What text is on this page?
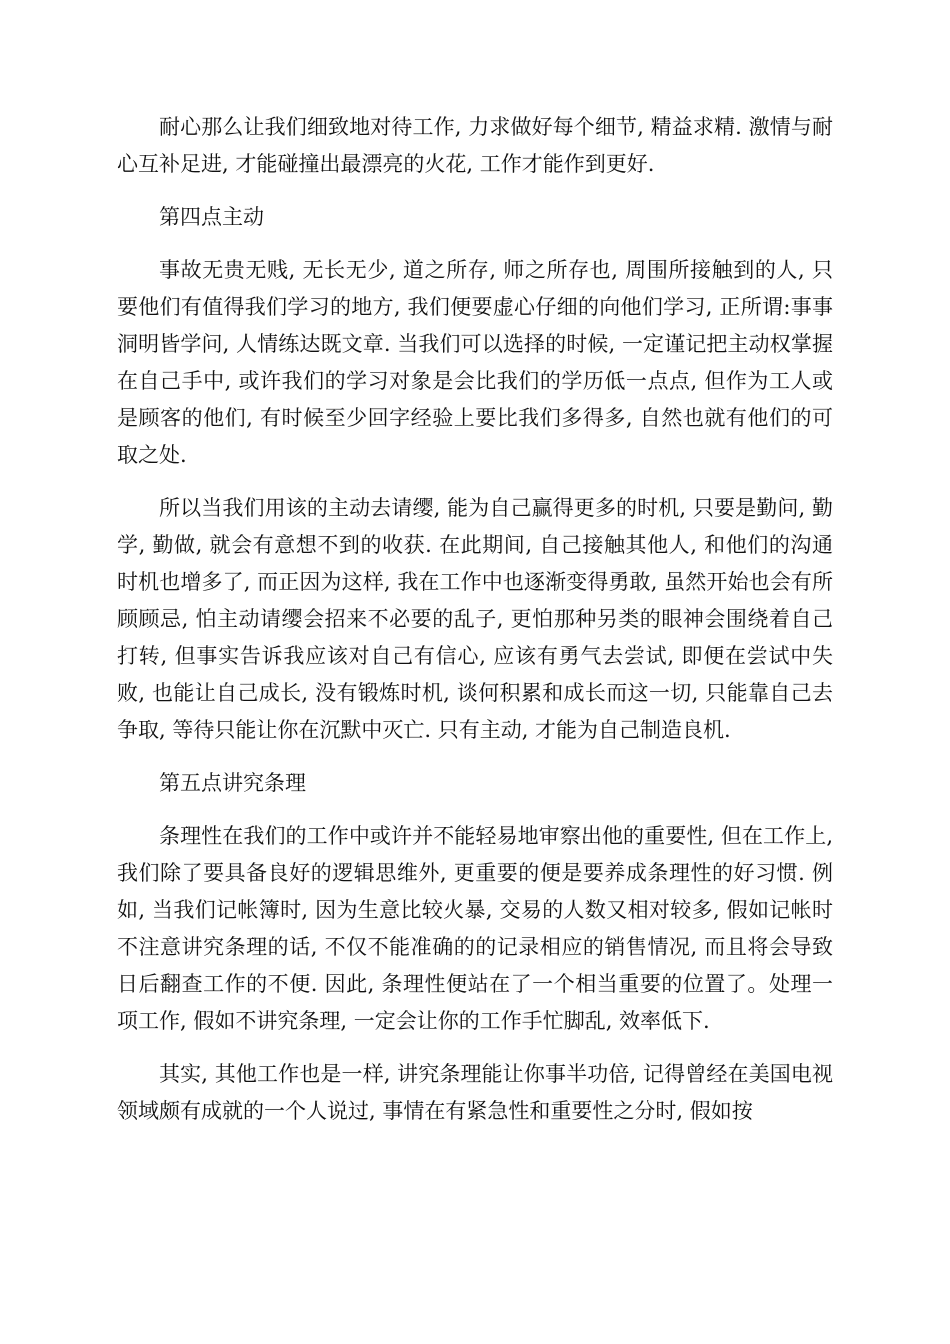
耐心那么让我们细致地对待工作, 力求做好每个细节, 精益求精. 激情与耐心互补足进, 才能碰撞出最漂亮的火花, 工作才能作到更好.

第四点主动

事故无贵无贱, 无长无少, 道之所存, 师之所存也, 周围所接触到的人, 只要他们有值得我们学习的地方, 我们便要虚心仔细的向他们学习, 正所谓:事事洞明皆学问, 人情练达既文章. 当我们可以选择的时候, 一定谨记把主动权掌握在自己手中, 或许我们的学习对象是会比我们的学历低一点点, 但作为工人或是顾客的他们, 有时候至少回字经验上要比我们多得多, 自然也就有他们的可取之处.

所以当我们用该的主动去请缨, 能为自己赢得更多的时机, 只要是勤问, 勤学, 勤做, 就会有意想不到的收获. 在此期间, 自己接触其他人, 和他们的沟通时机也增多了, 而正因为这样, 我在工作中也逐渐变得勇敢, 虽然开始也会有所顾顾忌, 怕主动请缨会招来不必要的乱子, 更怕那种另类的眼神会围绕着自己打转, 但事实告诉我应该对自己有信心, 应该有勇气去尝试, 即便在尝试中失败, 也能让自己成长, 没有锻炼时机, 谈何积累和成长而这一切, 只能靠自己去争取, 等待只能让你在沉默中灭亡. 只有主动, 才能为自己制造良机.

第五点讲究条理

条理性在我们的工作中或许并不能轻易地审察出他的重要性, 但在工作上, 我们除了要具备良好的逻辑思维外, 更重要的便是要养成条理性的好习惯. 例如, 当我们记帐簿时, 因为生意比较火暴, 交易的人数又相对较多, 假如记帐时不注意讲究条理的话, 不仅不能准确的的记录相应的销售情况, 而且将会导致日后翻查工作的不便. 因此, 条理性便站在了一个相当重要的位置了。处理一项工作, 假如不讲究条理, 一定会让你的工作手忙脚乱, 效率低下.

其实, 其他工作也是一样, 讲究条理能让你事半功倍, 记得曾经在美国电视领域颇有成就的一个人说过, 事情在有紧急性和重要性之分时, 假如按
